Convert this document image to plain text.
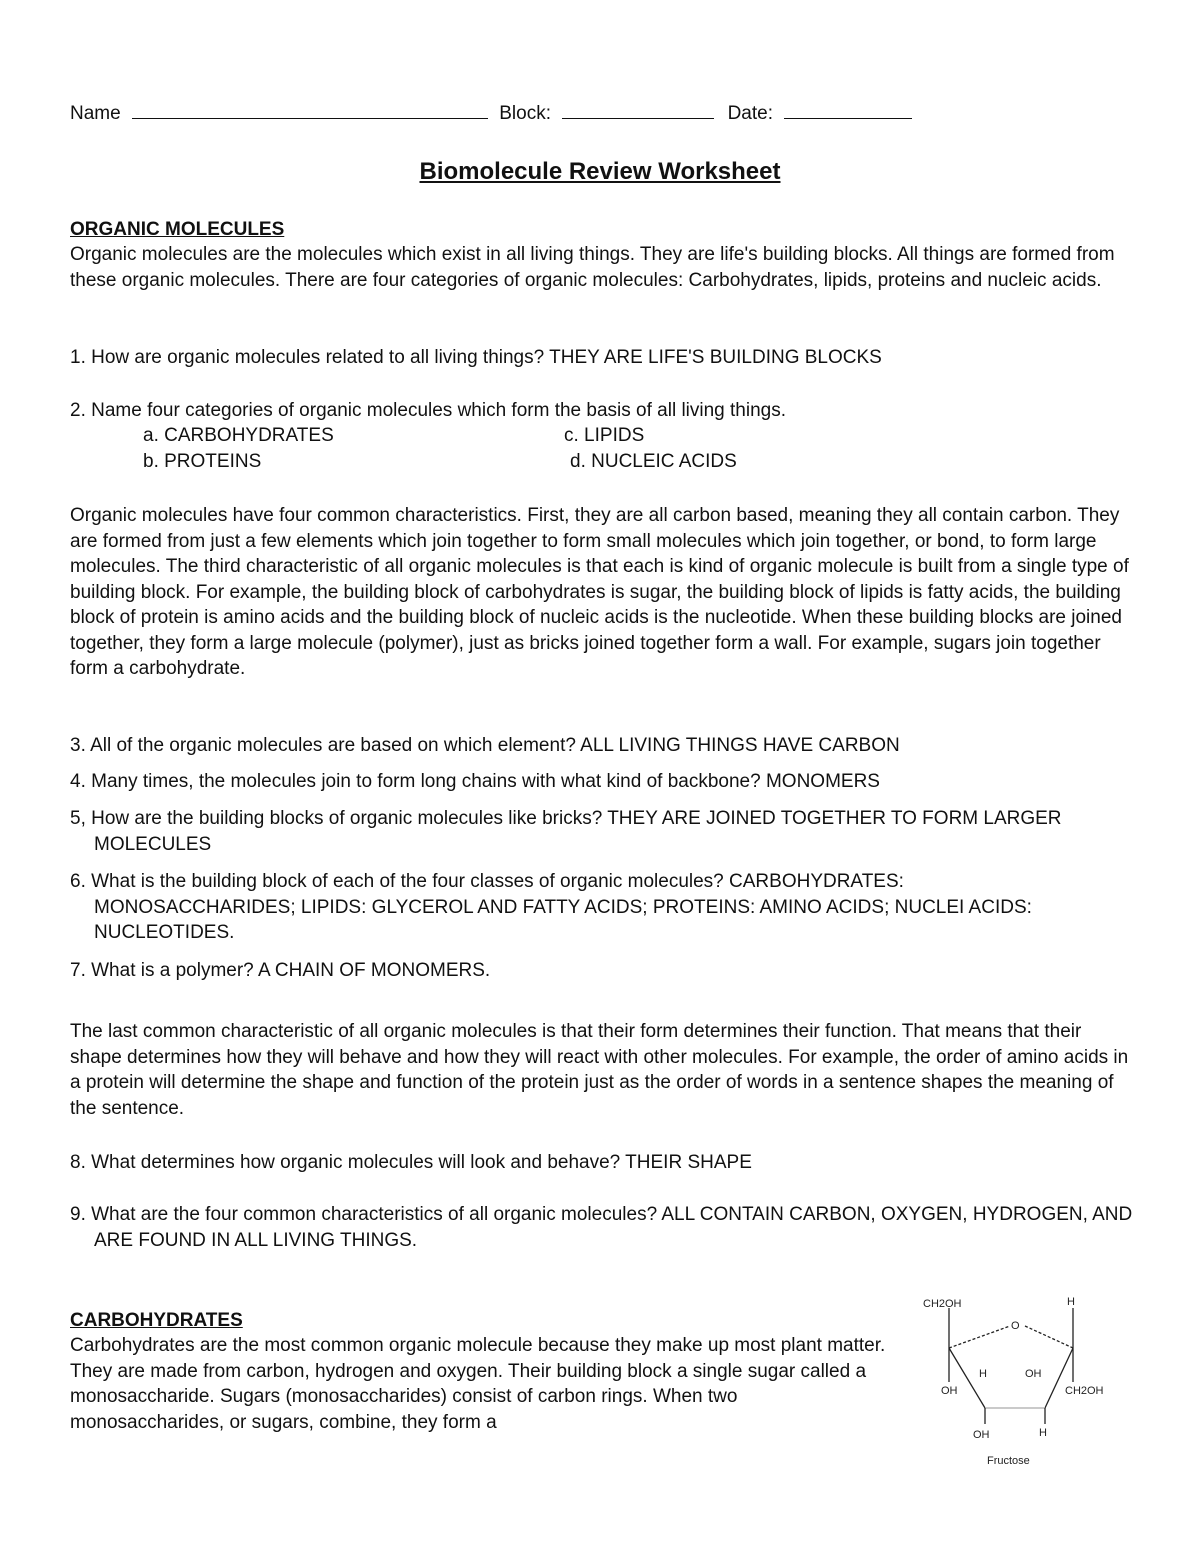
Name	Block:	Date:
Biomolecule Review Worksheet
ORGANIC MOLECULES
Organic molecules are the molecules which exist in all living things. They are life's building blocks. All things are formed from these organic molecules. There are four categories of organic molecules: Carbohydrates, lipids, proteins and nucleic acids.
1. How are organic molecules related to all living things? THEY ARE LIFE'S BUILDING BLOCKS
2. Name four categories of organic molecules which form the basis of all living things.
a. CARBOHYDRATES	c. LIPIDS
b. PROTEINS	d. NUCLEIC ACIDS
Organic molecules have four common characteristics. First, they are all carbon based, meaning they all contain carbon. They are formed from just a few elements which join together to form small molecules which join together, or bond, to form large molecules. The third characteristic of all organic molecules is that each is kind of organic molecule is built from a single type of building block. For example, the building block of carbohydrates is sugar, the building block of lipids is fatty acids, the building block of protein is amino acids and the building block of nucleic acids is the nucleotide. When these building blocks are joined together, they form a large molecule (polymer), just as bricks joined together form a wall. For example, sugars join together form a carbohydrate.
3. All of the organic molecules are based on which element? ALL LIVING THINGS HAVE CARBON
4. Many times, the molecules join to form long chains with what kind of backbone? MONOMERS
5, How are the building blocks of organic molecules like bricks? THEY ARE JOINED TOGETHER TO FORM LARGER MOLECULES
6. What is the building block of each of the four classes of organic molecules? CARBOHYDRATES: MONOSACCHARIDES; LIPIDS: GLYCEROL AND FATTY ACIDS; PROTEINS: AMINO ACIDS; NUCLEI ACIDS: NUCLEOTIDES.
7. What is a polymer? A CHAIN OF MONOMERS.
The last common characteristic of all organic molecules is that their form determines their function. That means that their shape determines how they will behave and how they will react with other molecules. For example, the order of amino acids in a protein will determine the shape and function of the protein just as the order of words in a sentence shapes the meaning of the sentence.
8. What determines how organic molecules will look and behave? THEIR SHAPE
9. What are the four common characteristics of all organic molecules? ALL CONTAIN CARBON, OXYGEN, HYDROGEN, AND ARE FOUND IN ALL LIVING THINGS.
CARBOHYDRATES
Carbohydrates are the most common organic molecule because they make up most plant matter. They are made from carbon, hydrogen and oxygen. Their building block a single sugar called a monosaccharide. Sugars (monosaccharides) consist of carbon rings. When two monosaccharides, or sugars, combine, they form a
CH2OH	H
O
H	OH
OH	CH2OH
OH	H
Fructose
